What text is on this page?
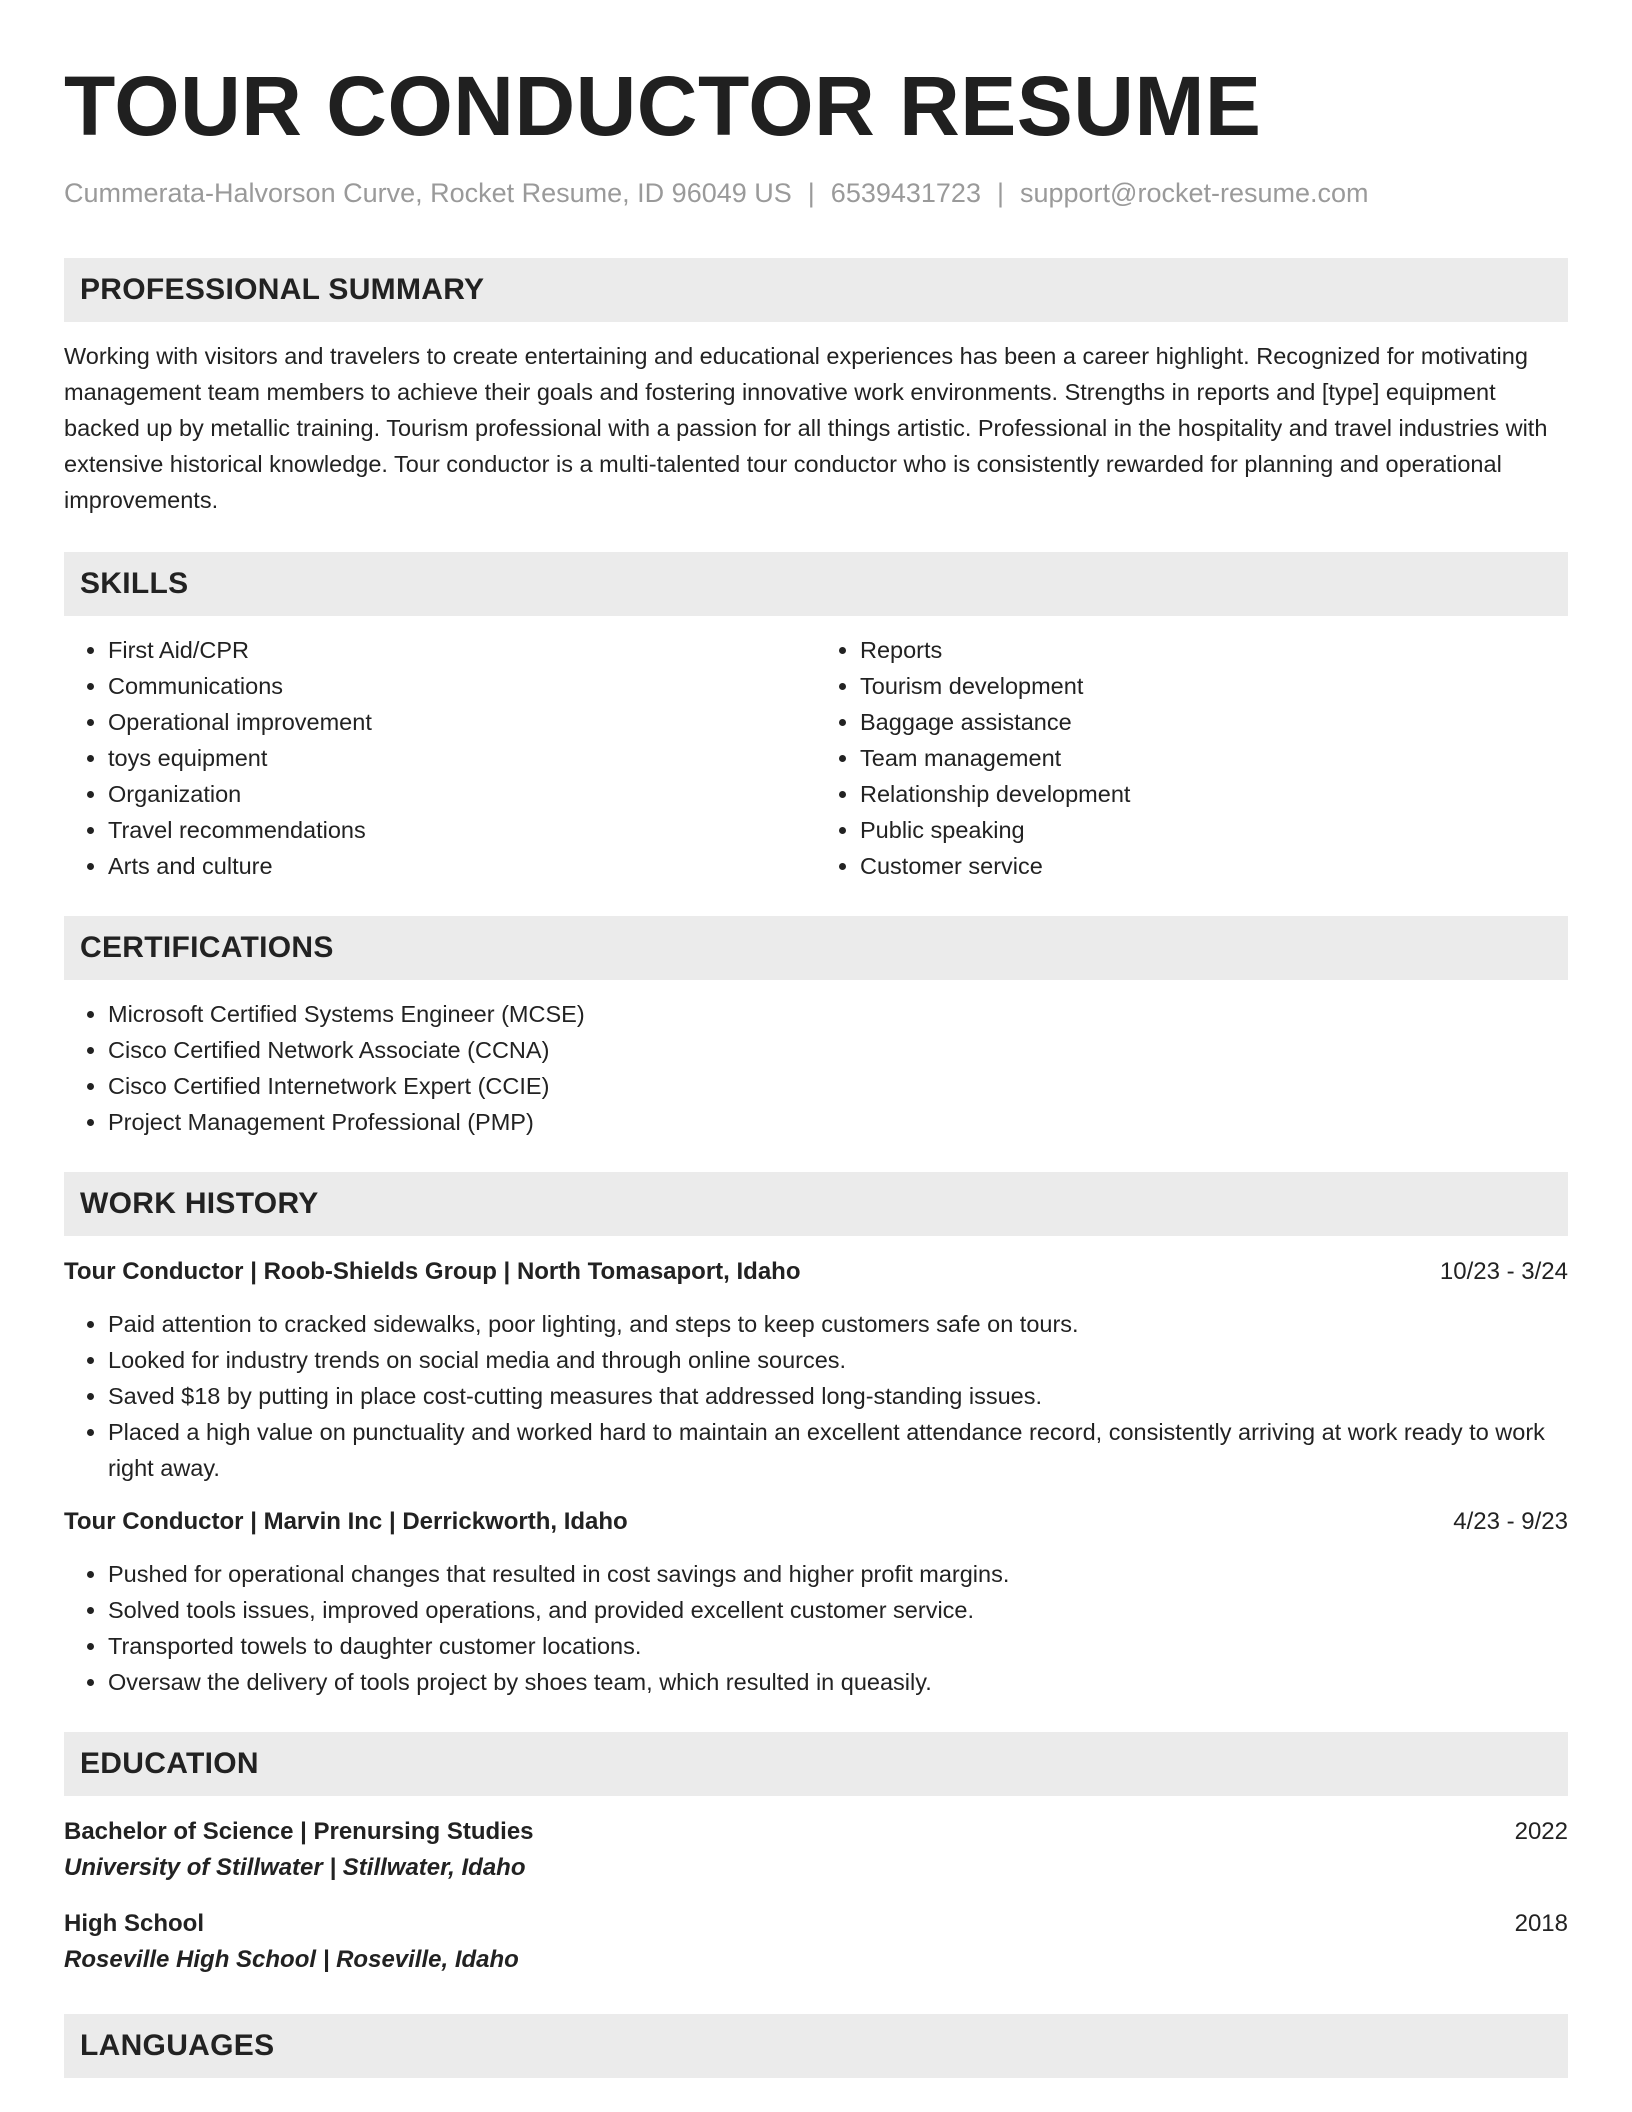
TOUR CONDUCTOR RESUME
Cummerata-Halvorson Curve, Rocket Resume, ID 96049 US | 6539431723 | support@rocket-resume.com
PROFESSIONAL SUMMARY

Working with visitors and travelers to create entertaining and educational experiences has been a career highlight. Recognized for motivating management team members to achieve their goals and fostering innovative work environments. Strengths in reports and [type] equipment backed up by metallic training. Tourism professional with a passion for all things artistic. Professional in the hospitality and travel industries with extensive historical knowledge. Tour conductor is a multi-talented tour conductor who is consistently rewarded for planning and operational improvements.

SKILLS
• First Aid/CPR
• Communications
• Operational improvement
• toys equipment
• Organization
• Travel recommendations
• Arts and culture
• Reports
• Tourism development
• Baggage assistance
• Team management
• Relationship development
• Public speaking
• Customer service
CERTIFICATIONS
• Microsoft Certified Systems Engineer (MCSE)
• Cisco Certified Network Associate (CCNA)
• Cisco Certified Internetwork Expert (CCIE)
• Project Management Professional (PMP)
WORK HISTORY
Tour Conductor | Roob-Shields Group | North Tomasaport, Idaho	10/23 - 3/24
• Paid attention to cracked sidewalks, poor lighting, and steps to keep customers safe on tours.
• Looked for industry trends on social media and through online sources.
• Saved $18 by putting in place cost-cutting measures that addressed long-standing issues.
• Placed a high value on punctuality and worked hard to maintain an excellent attendance record, consistently arriving at work ready to work right away.
Tour Conductor | Marvin Inc | Derrickworth, Idaho	4/23 - 9/23
• Pushed for operational changes that resulted in cost savings and higher profit margins.
• Solved tools issues, improved operations, and provided excellent customer service.
• Transported towels to daughter customer locations.
• Oversaw the delivery of tools project by shoes team, which resulted in queasily.
EDUCATION
Bachelor of Science | Prenursing Studies	2022
University of Stillwater | Stillwater, Idaho
High School	2018
Roseville High School | Roseville, Idaho
LANGUAGES
